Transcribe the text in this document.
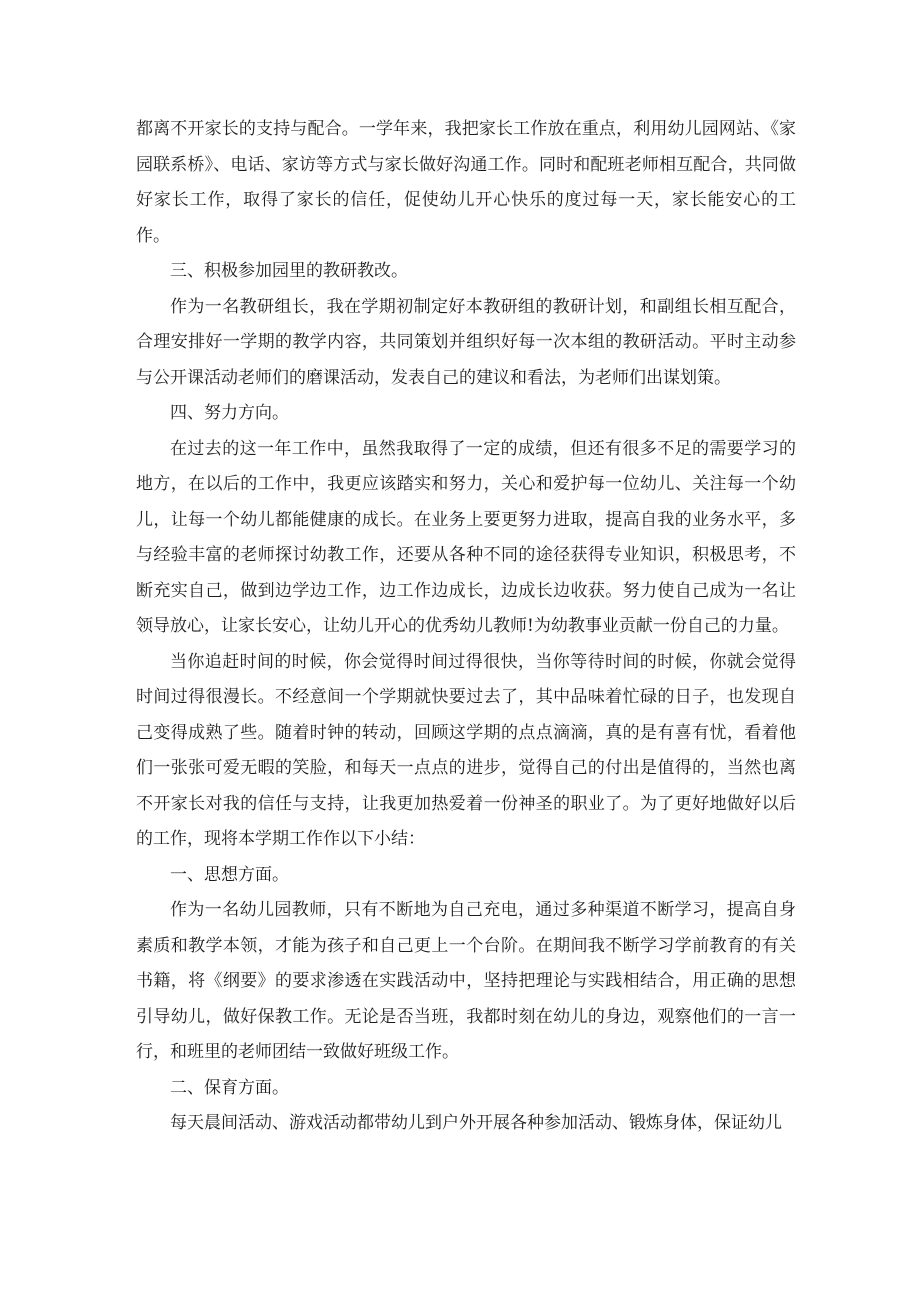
都离不开家长的支持与配合。一学年来，我把家长工作放在重点，利用幼儿园网站、《家园联系桥》、电话、家访等方式与家长做好沟通工作。同时和配班老师相互配合，共同做好家长工作，取得了家长的信任，促使幼儿开心快乐的度过每一天，家长能安心的工作。

三、积极参加园里的教研教改。

作为一名教研组长，我在学期初制定好本教研组的教研计划，和副组长相互配合，合理安排好一学期的教学内容，共同策划并组织好每一次本组的教研活动。平时主动参与公开课活动老师们的磨课活动，发表自己的建议和看法，为老师们出谋划策。

四、努力方向。

在过去的这一年工作中，虽然我取得了一定的成绩，但还有很多不足的需要学习的地方，在以后的工作中，我更应该踏实和努力，关心和爱护每一位幼儿、关注每一个幼儿，让每一个幼儿都能健康的成长。在业务上要更努力进取，提高自我的业务水平，多与经验丰富的老师探讨幼教工作，还要从各种不同的途径获得专业知识，积极思考，不断充实自己，做到边学边工作，边工作边成长，边成长边收获。努力使自己成为一名让领导放心，让家长安心，让幼儿开心的优秀幼儿教师!为幼教事业贡献一份自己的力量。

当你追赶时间的时候，你会觉得时间过得很快，当你等待时间的时候，你就会觉得时间过得很漫长。不经意间一个学期就快要过去了，其中品味着忙碌的日子，也发现自己变得成熟了些。随着时钟的转动，回顾这学期的点点滴滴，真的是有喜有忧，看着他们一张张可爱无暇的笑脸，和每天一点点的进步，觉得自己的付出是值得的，当然也离不开家长对我的信任与支持，让我更加热爱着一份神圣的职业了。为了更好地做好以后的工作，现将本学期工作作以下小结：

一、思想方面。

作为一名幼儿园教师，只有不断地为自己充电，通过多种渠道不断学习，提高自身素质和教学本领，才能为孩子和自己更上一个台阶。在期间我不断学习学前教育的有关书籍，将《纲要》的要求渗透在实践活动中，坚持把理论与实践相结合，用正确的思想引导幼儿，做好保教工作。无论是否当班，我都时刻在幼儿的身边，观察他们的一言一行，和班里的老师团结一致做好班级工作。

二、保育方面。

每天晨间活动、游戏活动都带幼儿到户外开展各种参加活动、锻炼身体，保证幼儿
